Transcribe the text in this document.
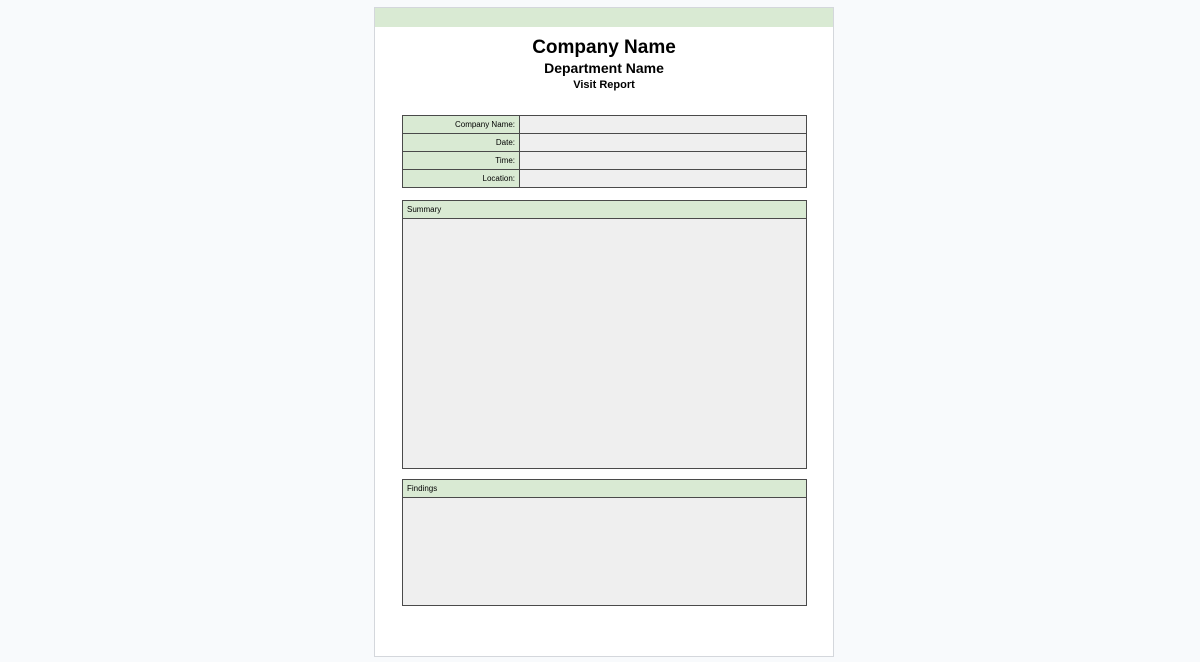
Company Name
Department Name
Visit Report
Company Name:	
Date:	
Time:	
Location:	
Summary
Findings
